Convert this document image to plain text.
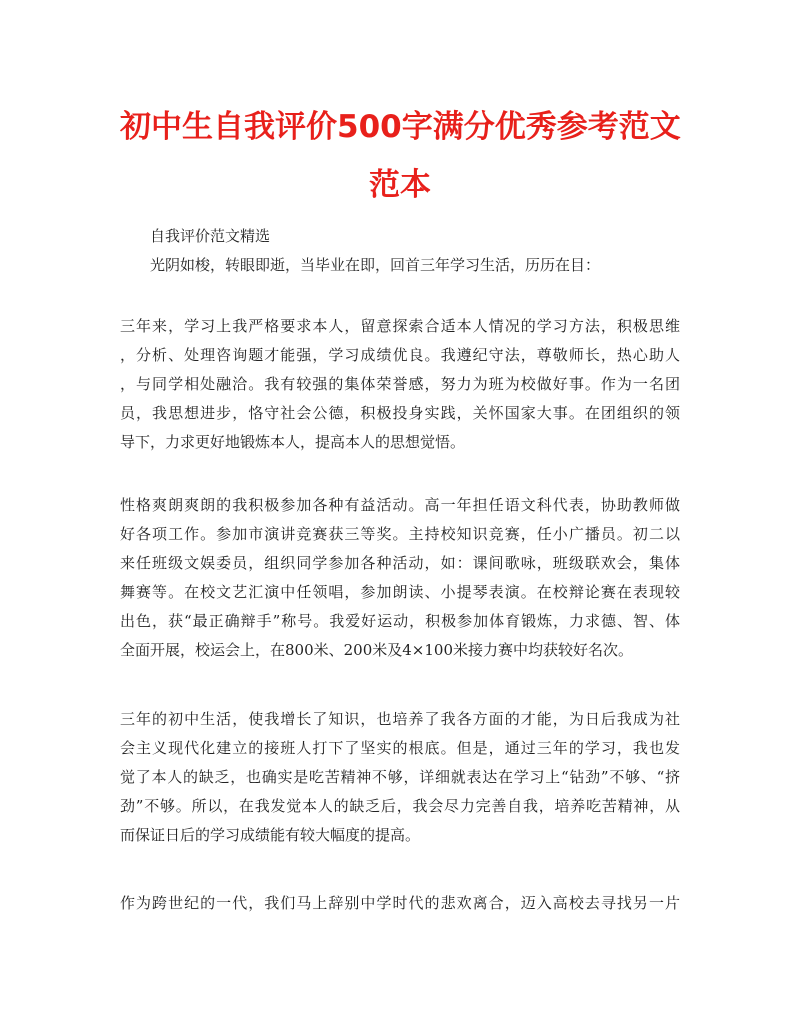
初中生自我评价500字满分优秀参考范文
范本
自我评价范文精选
光阴如梭，转眼即逝，当毕业在即，回首三年学习生活，历历在目：
三年来，学习上我严格要求本人，留意探索合适本人情况的学习方法，积极思维
，分析、处理咨询题才能强，学习成绩优良。我遵纪守法，尊敬师长，热心助人
，与同学相处融洽。我有较强的集体荣誉感，努力为班为校做好事。作为一名团
员，我思想进步，恪守社会公德，积极投身实践，关怀国家大事。在团组织的领
导下，力求更好地锻炼本人，提高本人的思想觉悟。
性格爽朗爽朗的我积极参加各种有益活动。高一年担任语文科代表，协助教师做
好各项工作。参加市演讲竞赛获三等奖。主持校知识竞赛，任小广播员。初二以
来任班级文娱委员，组织同学参加各种活动，如：课间歌咏，班级联欢会，集体
舞赛等。在校文艺汇演中任领唱，参加朗读、小提琴表演。在校辩论赛在表现较
出色，获“最正确辩手”称号。我爱好运动，积极参加体育锻炼，力求德、智、体
全面开展，校运会上，在800米、200米及4×100米接力赛中均获较好名次。
三年的初中生活，使我增长了知识，也培养了我各方面的才能，为日后我成为社
会主义现代化建立的接班人打下了坚实的根底。但是，通过三年的学习，我也发
觉了本人的缺乏，也确实是吃苦精神不够，详细就表达在学习上“钻劲”不够、“挤
劲”不够。所以，在我发觉本人的缺乏后，我会尽力完善自我，培养吃苦精神，从
而保证日后的学习成绩能有较大幅度的提高。
作为跨世纪的一代，我们马上辞别中学时代的悲欢离合，迈入高校去寻找另一片
